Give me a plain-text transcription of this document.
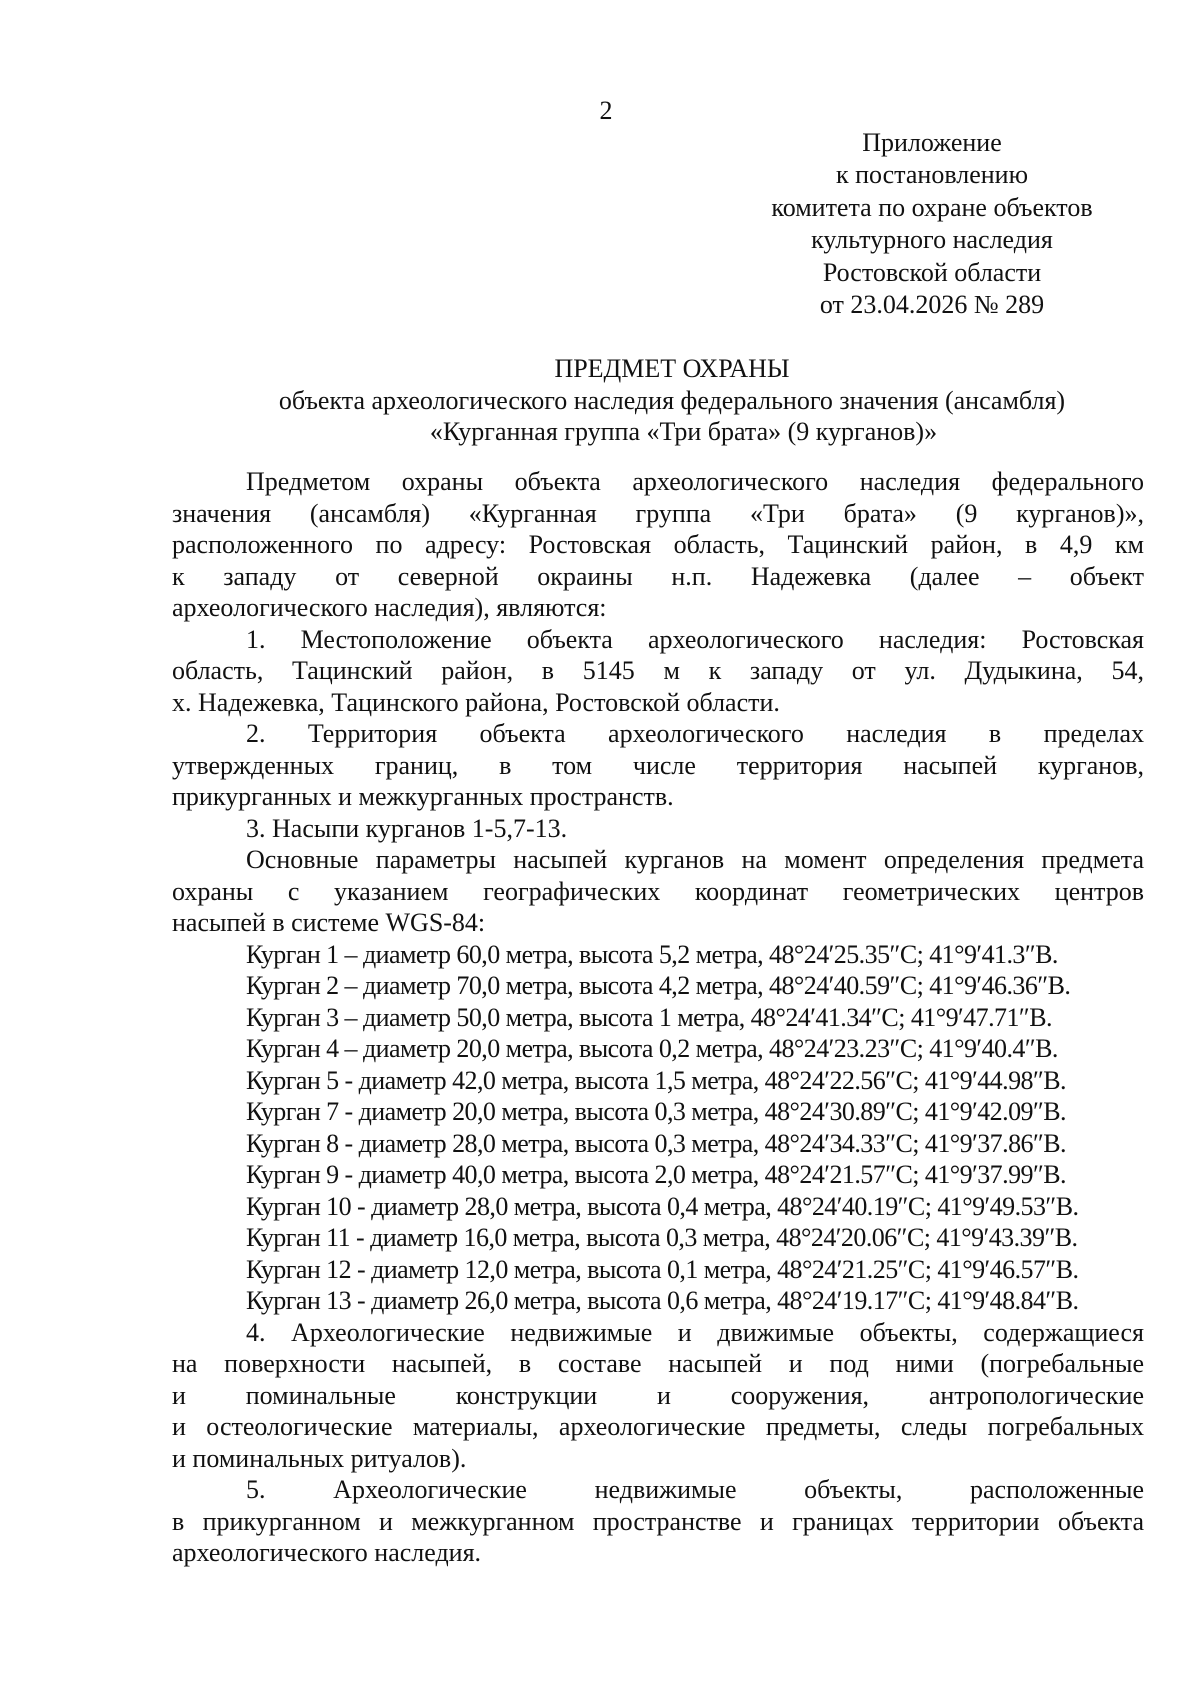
2
Приложение
к постановлению
комитета по охране объектов
культурного наследия
Ростовской области
от 23.04.2026 № 289
ПРЕДМЕТ ОХРАНЫ
объекта археологического наследия федерального значения (ансамбля)
«Курганная группа «Три брата» (9 курганов)»
Предметом охраны объекта археологического наследия федерального
значения (ансамбля) «Курганная группа «Три брата» (9 курганов)»,
расположенного по адресу: Ростовская область, Тацинский район, в 4,9 км
к западу от северной окраины н.п. Надежевка (далее – объект
археологического наследия), являются:
1. Местоположение объекта археологического наследия: Ростовская
область, Тацинский район, в 5145 м к западу от ул. Дудыкина, 54,
х. Надежевка, Тацинского района, Ростовской области.
2. Территория объекта археологического наследия в пределах
утвержденных границ, в том числе территория насыпей курганов,
прикурганных и межкурганных пространств.
3. Насыпи курганов 1-5,7-13.
Основные параметры насыпей курганов на момент определения предмета
охраны с указанием географических координат геометрических центров
насыпей в системе WGS-84:
Курган 1 – диаметр 60,0 метра, высота 5,2 метра, 48°24′25.35″С; 41°9′41.3″В.
Курган 2 – диаметр 70,0 метра, высота 4,2 метра, 48°24′40.59″С; 41°9′46.36″В.
Курган 3 – диаметр 50,0 метра, высота 1 метра, 48°24′41.34″С; 41°9′47.71″В.
Курган 4 – диаметр 20,0 метра, высота 0,2 метра, 48°24′23.23″С; 41°9′40.4″В.
Курган 5 - диаметр 42,0 метра, высота 1,5 метра, 48°24′22.56″С; 41°9′44.98″В.
Курган 7 - диаметр 20,0 метра, высота 0,3 метра, 48°24′30.89″С; 41°9′42.09″В.
Курган 8 - диаметр 28,0 метра, высота 0,3 метра, 48°24′34.33″С; 41°9′37.86″В.
Курган 9 - диаметр 40,0 метра, высота 2,0 метра, 48°24′21.57″С; 41°9′37.99″В.
Курган 10 - диаметр 28,0 метра, высота 0,4 метра, 48°24′40.19″С; 41°9′49.53″В.
Курган 11 - диаметр 16,0 метра, высота 0,3 метра, 48°24′20.06″С; 41°9′43.39″В.
Курган 12 - диаметр 12,0 метра, высота 0,1 метра, 48°24′21.25″С; 41°9′46.57″В.
Курган 13 - диаметр 26,0 метра, высота 0,6 метра, 48°24′19.17″С; 41°9′48.84″В.
4. Археологические недвижимые и движимые объекты, содержащиеся
на поверхности насыпей, в составе насыпей и под ними (погребальные
и поминальные конструкции и сооружения, антропологические
и остеологические материалы, археологические предметы, следы погребальных
и поминальных ритуалов).
5. Археологические недвижимые объекты, расположенные
в прикурганном и межкурганном пространстве и границах территории объекта
археологического наследия.
